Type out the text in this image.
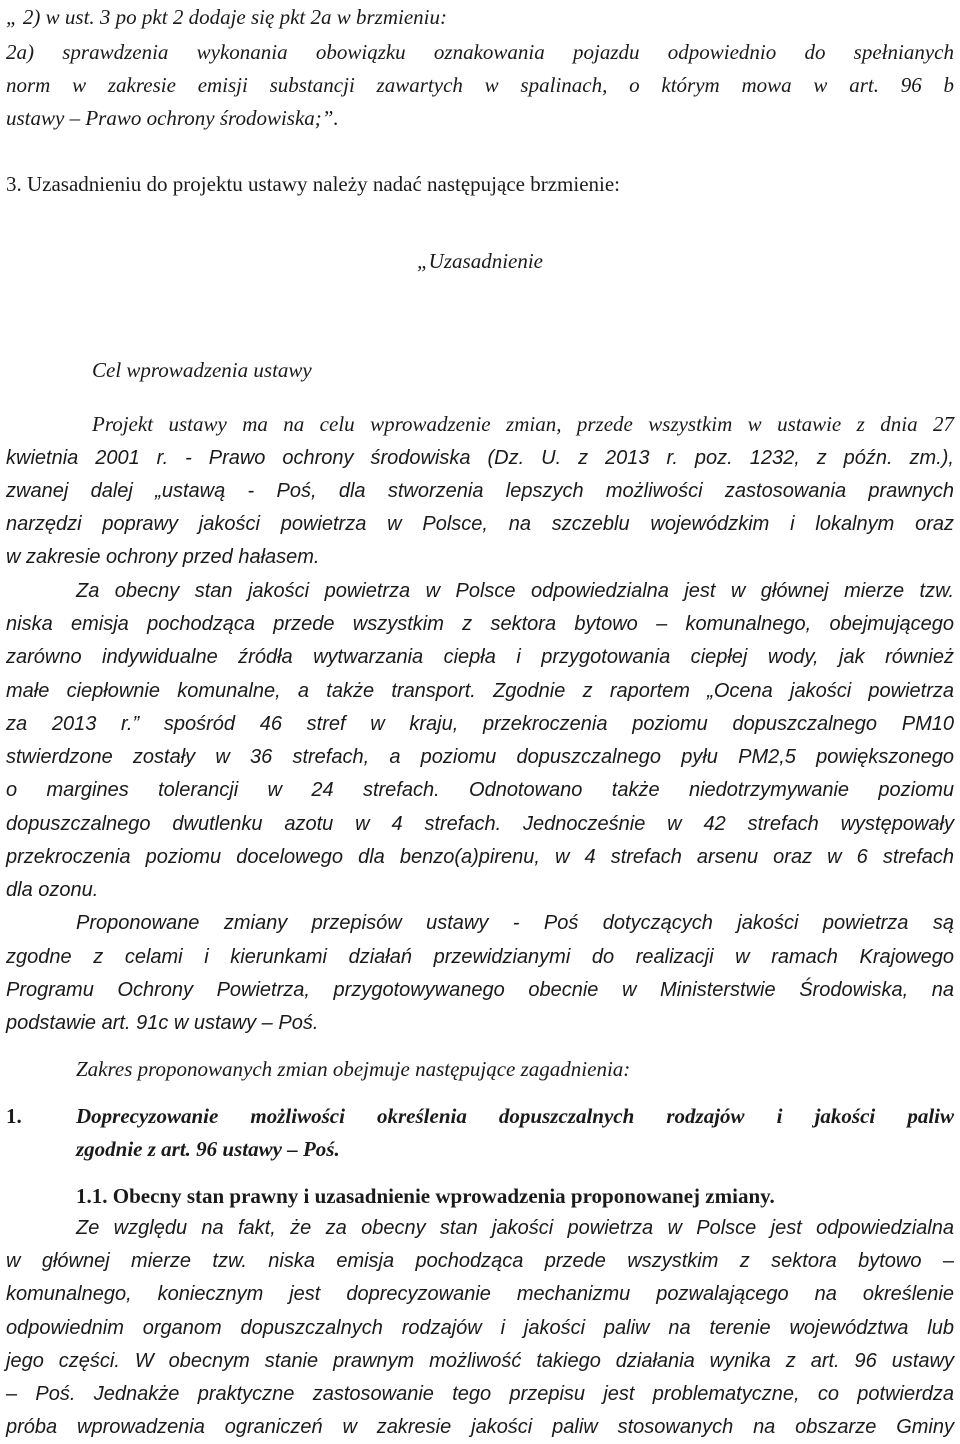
„ 2) w ust. 3 po pkt 2 dodaje się pkt 2a w brzmieniu:
2a) sprawdzenia wykonania obowiązku oznakowania pojazdu odpowiednio do spełnianych
norm w zakresie emisji substancji zawartych w spalinach, o którym mowa w art. 96 b
ustawy – Prawo ochrony środowiska;”.
3. Uzasadnieniu do projektu ustawy należy nadać następujące brzmienie:
„Uzasadnienie
Cel wprowadzenia ustawy
Projekt ustawy ma na celu wprowadzenie zmian, przede wszystkim w ustawie z dnia 27
kwietnia 2001 r. - Prawo ochrony środowiska (Dz. U. z 2013 r. poz. 1232, z późn. zm.),
zwanej dalej „ustawą - Poś, dla stworzenia lepszych możliwości zastosowania prawnych
narzędzi poprawy jakości powietrza w Polsce, na szczeblu wojewódzkim i lokalnym oraz
w zakresie ochrony przed hałasem.
Za obecny stan jakości powietrza w Polsce odpowiedzialna jest w głównej mierze tzw.
niska emisja pochodząca przede wszystkim z sektora bytowo – komunalnego, obejmującego
zarówno indywidualne źródła wytwarzania ciepła i przygotowania ciepłej wody, jak również
małe ciepłownie komunalne, a także transport. Zgodnie z raportem „Ocena jakości powietrza
za 2013 r.” spośród 46 stref w kraju, przekroczenia poziomu dopuszczalnego PM10
stwierdzone zostały w 36 strefach, a poziomu dopuszczalnego pyłu PM2,5 powiększonego
o margines tolerancji w 24 strefach. Odnotowano także niedotrzymywanie poziomu
dopuszczalnego dwutlenku azotu w 4 strefach. Jednocześnie w 42 strefach występowały
przekroczenia poziomu docelowego dla benzo(a)pirenu, w 4 strefach arsenu oraz w 6 strefach
dla ozonu.
Proponowane zmiany przepisów ustawy - Poś dotyczących jakości powietrza są
zgodne z celami i kierunkami działań przewidzianymi do realizacji w ramach Krajowego
Programu Ochrony Powietrza, przygotowywanego obecnie w Ministerstwie Środowiska, na
podstawie art. 91c w ustawy – Poś.
Zakres proponowanych zmian obejmuje następujące zagadnienia:
1.	Doprecyzowanie możliwości określenia dopuszczalnych rodzajów i jakości paliw
zgodnie z art. 96 ustawy – Poś.
1.1. Obecny stan prawny i uzasadnienie wprowadzenia proponowanej zmiany.
Ze względu na fakt, że za obecny stan jakości powietrza w Polsce jest odpowiedzialna
w głównej mierze tzw. niska emisja pochodząca przede wszystkim z sektora bytowo –
komunalnego, koniecznym jest doprecyzowanie mechanizmu pozwalającego na określenie
odpowiednim organom dopuszczalnych rodzajów i jakości paliw na terenie województwa lub
jego części. W obecnym stanie prawnym możliwość takiego działania wynika z art. 96 ustawy
– Poś. Jednakże praktyczne zastosowanie tego przepisu jest problematyczne, co potwierdza
próba wprowadzenia ograniczeń w zakresie jakości paliw stosowanych na obszarze Gminy
